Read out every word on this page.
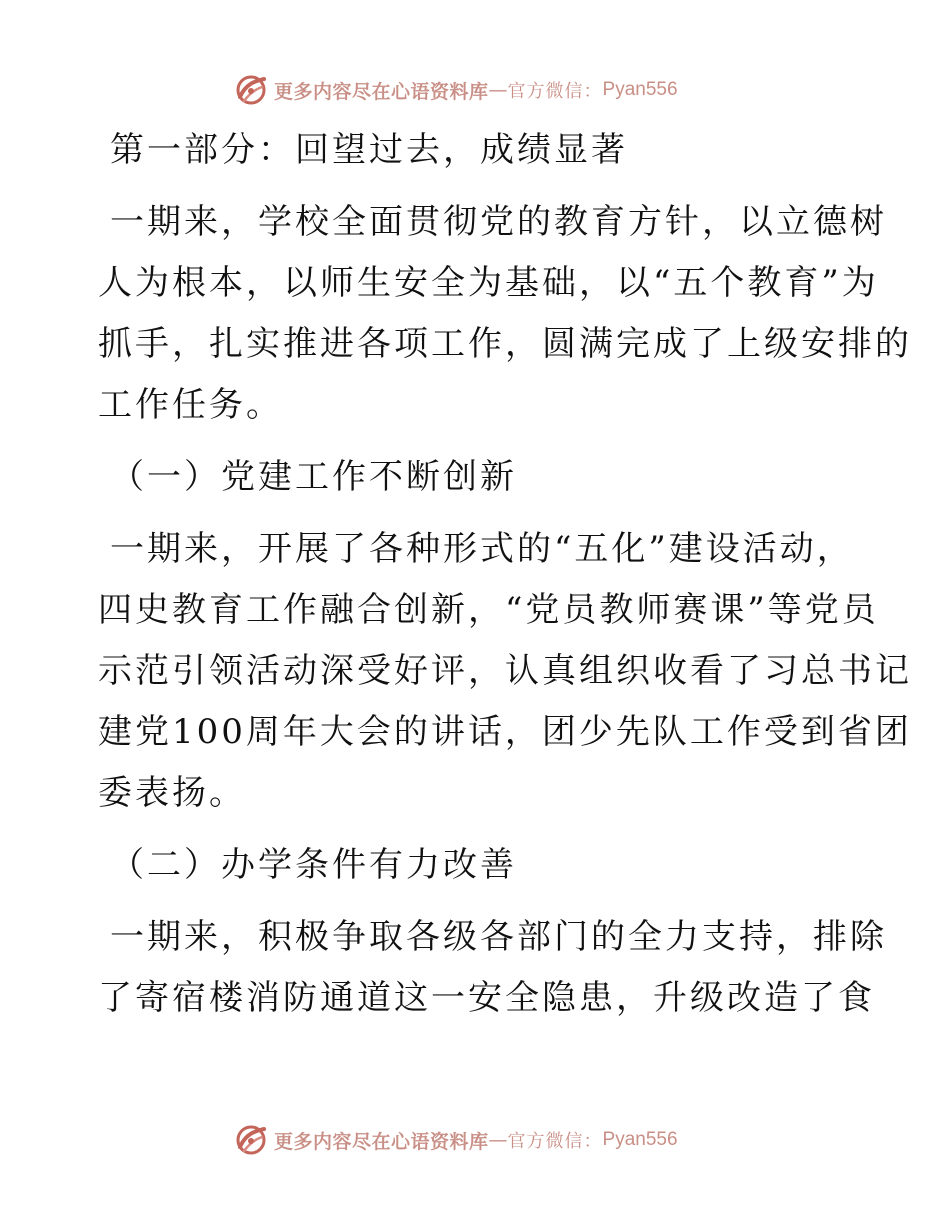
更多内容尽在心语资料库 — 官方微信： Pyan556
第一部分：回望过去，成绩显著
一期来，学校全面贯彻党的教育方针，以立德树
人为根本，以师生安全为基础，以“五个教育”为
抓手，扎实推进各项工作，圆满完成了上级安排的
工作任务。
（一）党建工作不断创新
一期来，开展了各种形式的“五化”建设活动，
四史教育工作融合创新，“党员教师赛课”等党员
示范引领活动深受好评，认真组织收看了习总书记
建党100周年大会的讲话，团少先队工作受到省团
委表扬。
（二）办学条件有力改善
一期来，积极争取各级各部门的全力支持，排除
了寄宿楼消防通道这一安全隐患，升级改造了食
更多内容尽在心语资料库 — 官方微信： Pyan556
